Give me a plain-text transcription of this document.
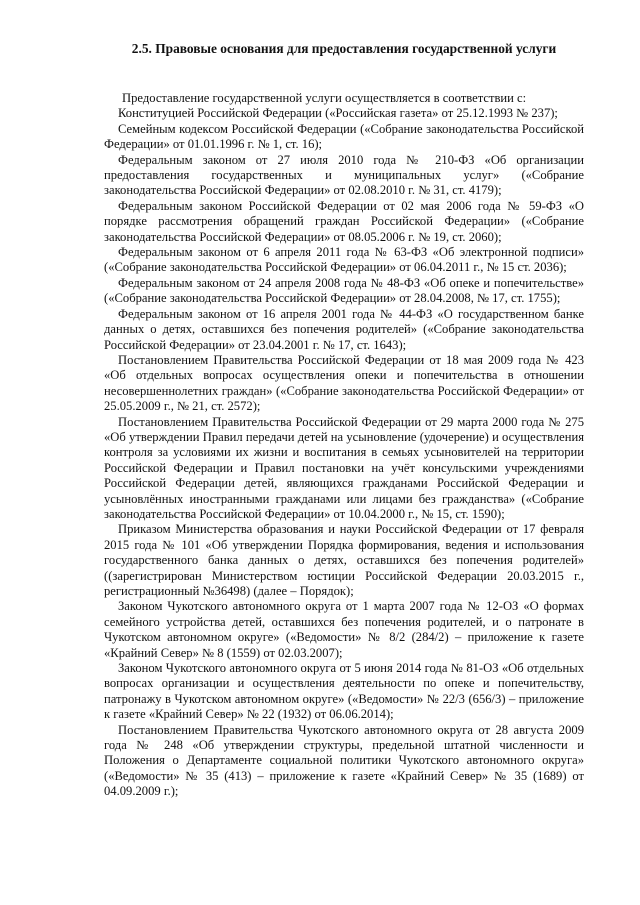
2.5. Правовые основания для предоставления государственной услуги

Предоставление государственной услуги осуществляется в соответствии с:

Конституцией Российской Федерации («Российская газета» от 25.12.1993 № 237);

Семейным кодексом Российской Федерации («Собрание законодательства Российской Федерации» от 01.01.1996 г. № 1, ст. 16);

Федеральным законом от 27 июля 2010 года № 210-ФЗ «Об организации предоставления государственных и муниципальных услуг» («Собрание законодательства Российской Федерации» от 02.08.2010 г. № 31, ст. 4179);

Федеральным законом Российской Федерации от 02 мая 2006 года № 59-ФЗ «О порядке рассмотрения обращений граждан Российской Федерации» («Собрание законодательства Российской Федерации» от 08.05.2006 г. № 19, ст. 2060);

Федеральным законом от 6 апреля 2011 года № 63-ФЗ «Об электронной подписи» («Собрание законодательства Российской Федерации» от 06.04.2011 г., № 15 ст. 2036);

Федеральным законом от 24 апреля 2008 года № 48-ФЗ «Об опеке и попечительстве» («Собрание законодательства Российской Федерации» от 28.04.2008, № 17, ст. 1755);

Федеральным законом от 16 апреля 2001 года № 44-ФЗ «О государственном банке данных о детях, оставшихся без попечения родителей» («Собрание законодательства Российской Федерации» от 23.04.2001 г. № 17, ст. 1643);

Постановлением Правительства Российской Федерации от 18 мая 2009 года № 423 «Об отдельных вопросах осуществления опеки и попечительства в отношении несовершеннолетних граждан» («Собрание законодательства Российской Федерации» от 25.05.2009 г., № 21, ст. 2572);

Постановлением Правительства Российской Федерации от 29 марта 2000 года № 275 «Об утверждении Правил передачи детей на усыновление (удочерение) и осуществления контроля за условиями их жизни и воспитания в семьях усыновителей на территории Российской Федерации и Правил постановки на учёт консульскими учреждениями Российской Федерации детей, являющихся гражданами Российской Федерации и усыновлённых иностранными гражданами или лицами без гражданства» («Собрание законодательства Российской Федерации» от 10.04.2000 г., № 15, ст. 1590);

Приказом Министерства образования и науки Российской Федерации от 17 февраля 2015 года № 101 «Об утверждении Порядка формирования, ведения и использования государственного банка данных о детях, оставшихся без попечения родителей» ((зарегистрирован Министерством юстиции Российской Федерации 20.03.2015 г., регистрационный №36498) (далее – Порядок);

Законом Чукотского автономного округа от 1 марта 2007 года № 12-ОЗ «О формах семейного устройства детей, оставшихся без попечения родителей, и о патронате в Чукотском автономном округе» («Ведомости» № 8/2 (284/2) – приложение к газете «Крайний Север» № 8 (1559) от 02.03.2007);

Законом Чукотского автономного округа от 5 июня 2014 года № 81-ОЗ «Об отдельных вопросах организации и осуществления деятельности по опеке и попечительству, патронажу в Чукотском автономном округе» («Ведомости» № 22/3 (656/3) – приложение к газете «Крайний Север» № 22 (1932) от 06.06.2014);

Постановлением Правительства Чукотского автономного округа от 28 августа 2009 года № 248 «Об утверждении структуры, предельной штатной численности и Положения о Департаменте социальной политики Чукотского автономного округа» («Ведомости» № 35 (413) – приложение к газете «Крайний Север» № 35 (1689) от 04.09.2009 г.);
